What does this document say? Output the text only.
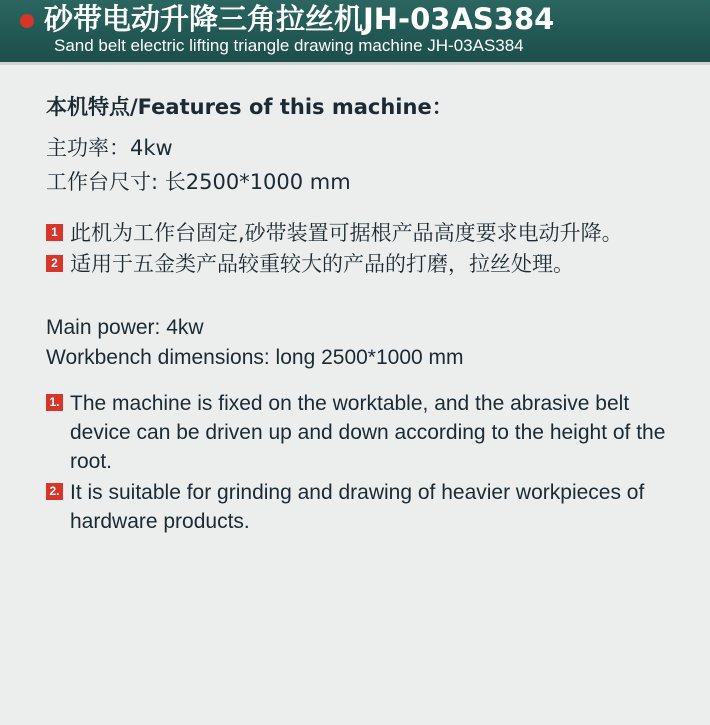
砂带电动升降三角拉丝机JH-03AS384
Sand belt electric lifting triangle drawing machine JH-03AS384
本机特点/Features of this machine：
主功率：4kw
工作台尺寸: 长2500*1000 mm
1 此机为工作台固定,砂带装置可据根产品高度要求电动升降。
2 适用于五金类产品较重较大的产品的打磨，拉丝处理。
Main power: 4kw
Workbench dimensions: long 2500*1000 mm
1. The machine is fixed on the worktable, and the abrasive belt device can be driven up and down according to the height of the root.
2. It is suitable for grinding and drawing of heavier workpieces of hardware products.
